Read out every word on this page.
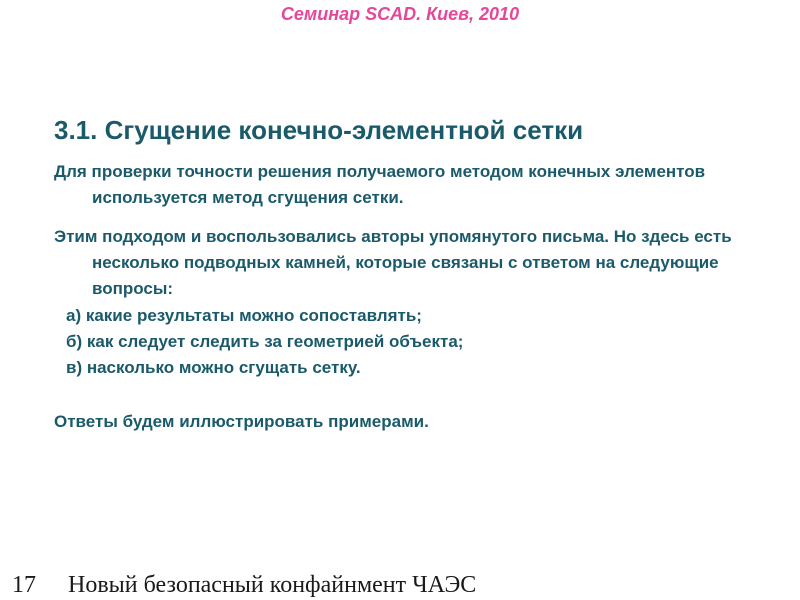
Семинар SCAD. Киев, 2010
3.1. Сгущение конечно-элементной сетки

Для проверки точности решения получаемого методом конечных элементов используется метод сгущения сетки.

Этим подходом и воспользовались авторы упомянутого письма. Но здесь есть несколько подводных камней, которые связаны с ответом на следующие вопросы:

а) какие результаты можно сопоставлять;
б) как следует следить за геометрией объекта;
в) насколько можно сгущать сетку.
Ответы будем иллюстрировать примерами.
17 Новый безопасный конфайнмент ЧАЭС
